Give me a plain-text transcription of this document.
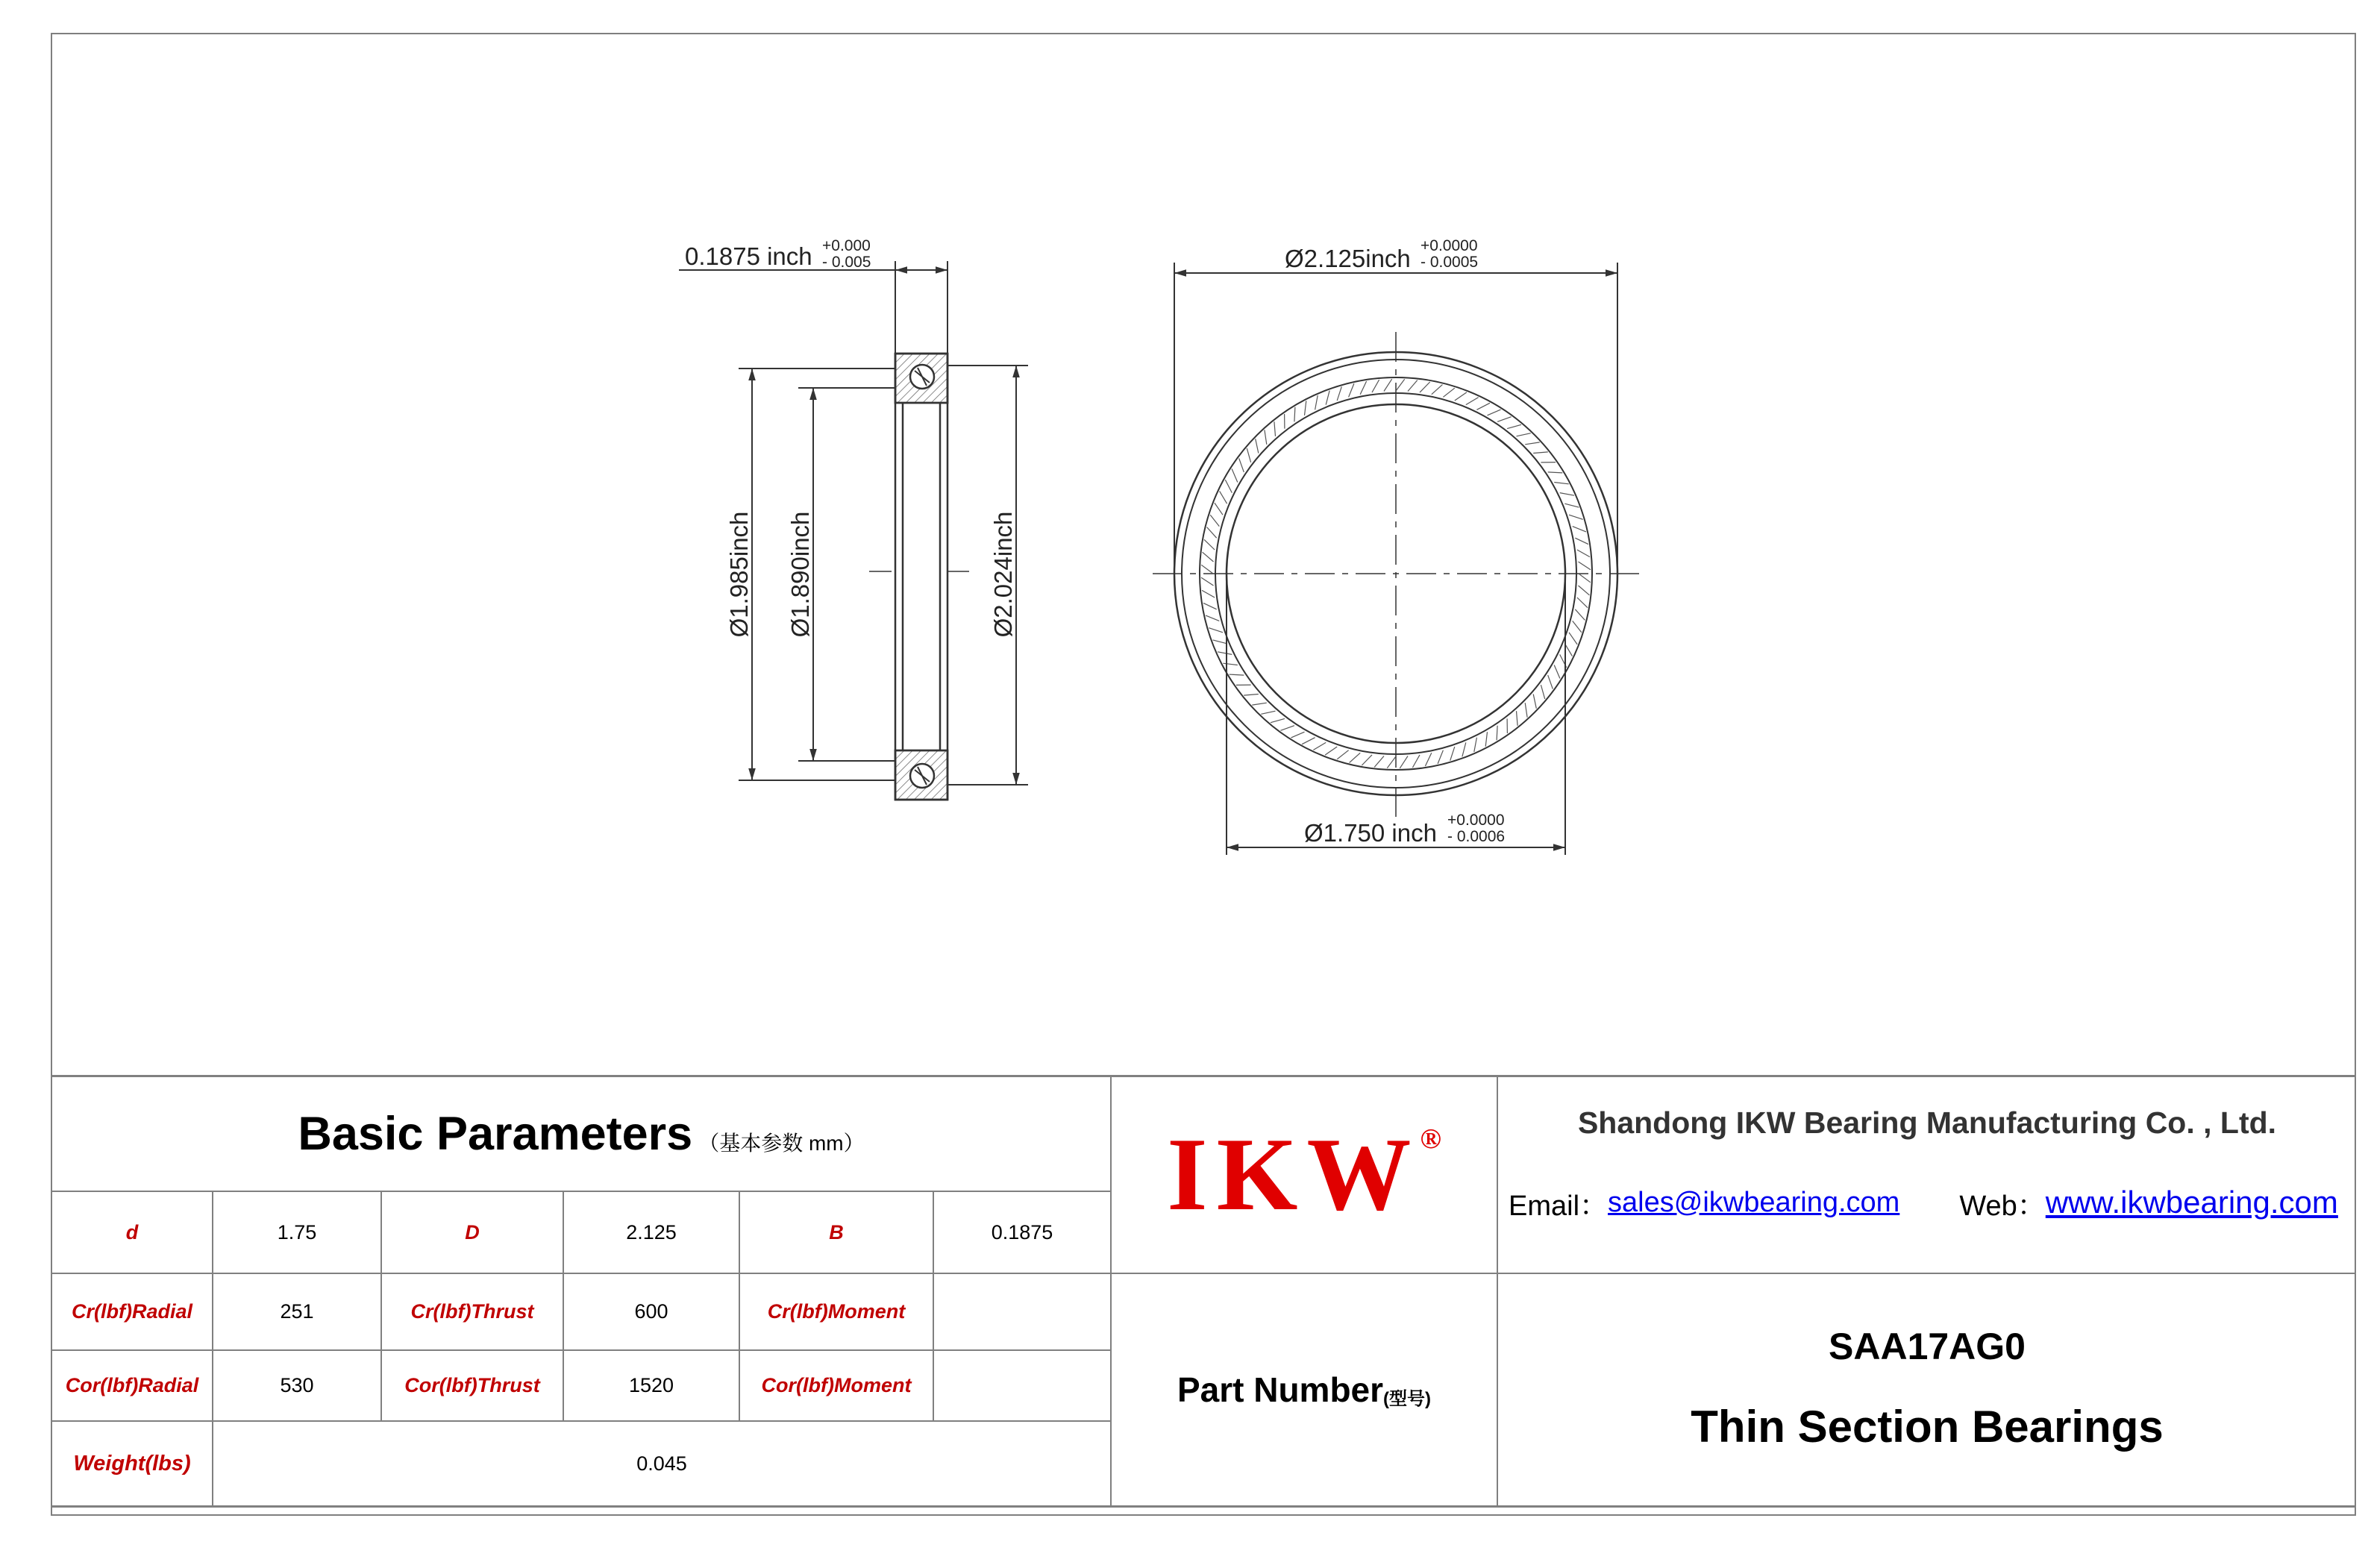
0.1875 inch +0.000
- 0.005
Ø1.985inch Ø1.890inch	Ø2.024inch
Ø2.125inch +0.0000
- 0.0005
Ø1.750 inch +0.0000
- 0.0006
Basic Parameters （基本参数 mm）
d	1.75	D	2.125	B	0.1875
Cr(lbf)Radial	251	Cr(lbf)Thrust	600	Cr(lbf)Moment
Cor(lbf)Radial	530	Cor(lbf)Thrust	1520	Cor(lbf)Moment
Weight(lbs)	0.045
IKW ®	Shandong IKW Bearing Manufacturing Co. , Ltd.
Email： sales@ikwbearing.com Web： www.ikwbearing.com
Part Number (型号)
SAA17AG0
Thin Section Bearings
